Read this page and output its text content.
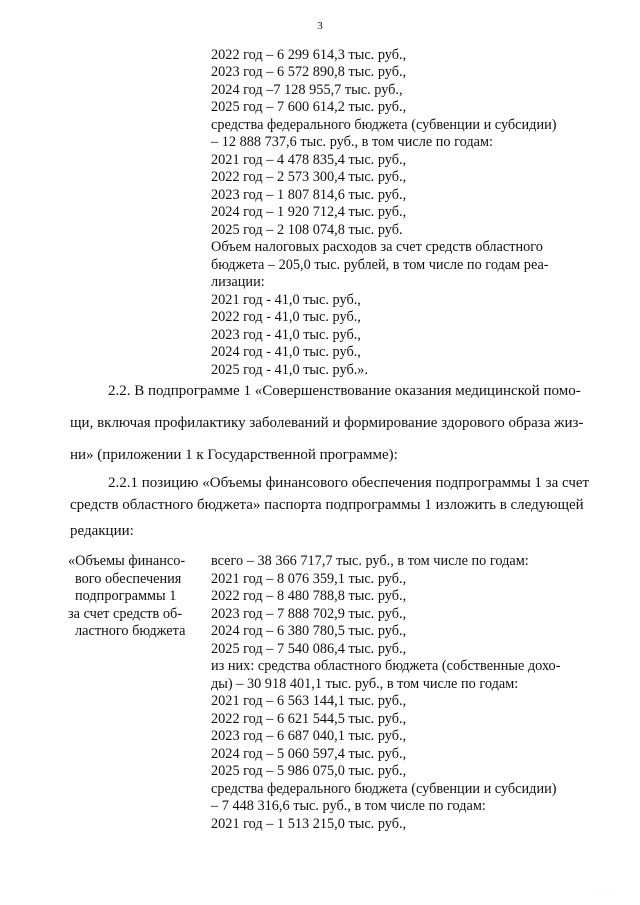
3
2022 год – 6 299 614,3 тыс. руб.,
2023 год – 6 572 890,8 тыс. руб.,
2024 год –7 128 955,7 тыс. руб.,
2025 год – 7 600 614,2 тыс. руб.,
средства федерального бюджета (субвенции и субсидии)
– 12 888 737,6 тыс. руб., в том числе по годам:
2021 год – 4 478 835,4 тыс. руб.,
2022 год – 2 573 300,4 тыс. руб.,
2023 год – 1 807 814,6 тыс. руб.,
2024 год – 1 920 712,4 тыс. руб.,
2025 год – 2 108 074,8 тыс. руб.
Объем налоговых расходов за счет средств областного
бюджета – 205,0 тыс. рублей, в том числе по годам реа-
лизации:
2021 год - 41,0 тыс. руб.,
2022 год - 41,0 тыс. руб.,
2023 год - 41,0 тыс. руб.,
2024 год - 41,0 тыс. руб.,
2025 год - 41,0 тыс. руб.».
2.2. В подпрограмме 1 «Совершенствование оказания медицинской помо-
щи, включая профилактику заболеваний и формирование здорового образа жиз-
ни» (приложении 1 к Государственной программе):
2.2.1 позицию «Объемы финансового обеспечения подпрограммы 1 за счет
средств областного бюджета» паспорта подпрограммы 1 изложить в следующей
редакции:
«Объемы финансо-
вого обеспечения
подпрограммы 1
за счет средств об-
ластного бюджета
всего – 38 366 717,7 тыс. руб., в том числе по годам:
2021 год – 8 076 359,1 тыс. руб.,
2022 год – 8 480 788,8 тыс. руб.,
2023 год – 7 888 702,9 тыс. руб.,
2024 год – 6 380 780,5 тыс. руб.,
2025 год – 7 540 086,4 тыс. руб.,
из них: средства областного бюджета (собственные дохо-
ды) – 30 918 401,1 тыс. руб., в том числе по годам:
2021 год – 6 563 144,1 тыс. руб.,
2022 год – 6 621 544,5 тыс. руб.,
2023 год – 6 687 040,1 тыс. руб.,
2024 год – 5 060 597,4 тыс. руб.,
2025 год – 5 986 075,0 тыс. руб.,
средства федерального бюджета (субвенции и субсидии)
– 7 448 316,6 тыс. руб., в том числе по годам:
2021 год – 1 513 215,0 тыс. руб.,
·· ··
